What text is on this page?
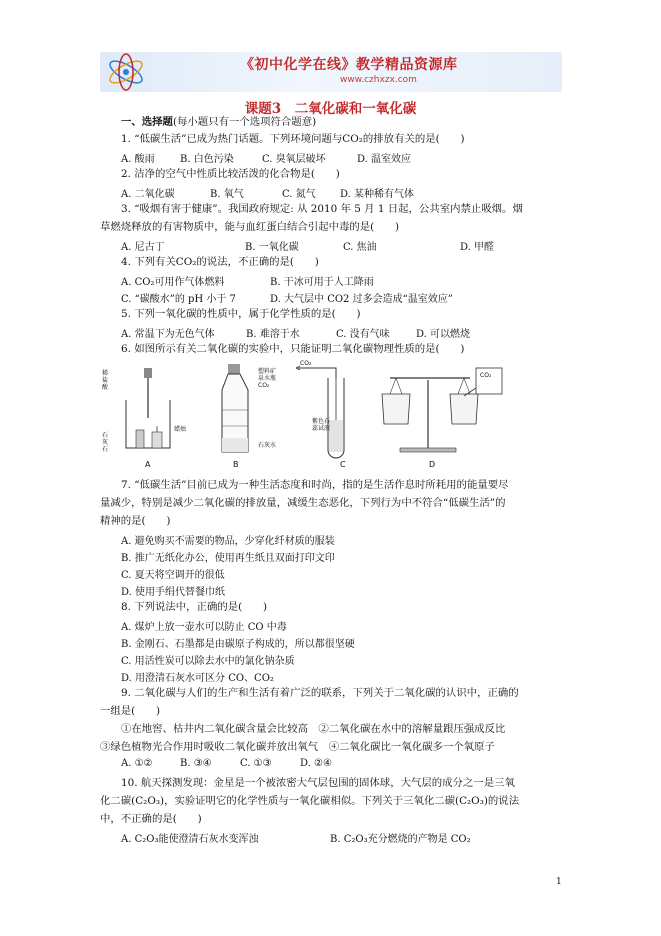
《初中化学在线》教学精品资源库
www.czhxzx.com
课题3　二氧化碳和一氧化碳
一、选择题(每小题只有一个选项符合题意)
1. “低碳生活”已成为热门话题。下列环境问题与CO₂的排放有关的是(　　)
A. 酸雨	B. 白色污染	C. 臭氧层破坏	D. 温室效应
2. 洁净的空气中性质比较活泼的化合物是(　　)
A. 二氧化碳	B. 氧气	C. 氮气 D. 某种稀有气体
3. “吸烟有害于健康”。我国政府规定: 从 2010 年 5 月 1 日起，公共室内禁止吸烟。烟
草燃烧释放的有害物质中，能与血红蛋白结合引起中毒的是(　　)
A. 尼古丁	B. 一氧化碳	C. 焦油	D. 甲醛
4. 下列有关CO₂的说法，不正确的是(　　)
A. CO₂可用作气体燃料	B. 干冰可用于人工降雨
C. “碳酸水”的 pH 小于 7	D. 大气层中 CO2 过多会造成“温室效应”
5. 下列一氧化碳的性质中，属于化学性质的是(　　)
A. 常温下为无色气体	B. 难溶于水	C. 没有气味	D. 可以燃烧
6. 如图所示有关二氧化碳的实验中，只能证明二氧化碳物理性质的是(　　)
稀
盐
酸
石
灰
石
蜡烛
A
塑料矿
泉水瓶
CO₂
石灰水
B
CO₂
紫色石
蕊试液
C
CO₂
D
7. “低碳生活”目前已成为一种生活态度和时尚，指的是生活作息时所耗用的能量要尽
量减少，特别是减少二氧化碳的排放量，减缓生态恶化，下列行为中不符合“低碳生活”的
精神的是(　　)
A. 避免购买不需要的物品，少穿化纤材质的服装
B. 推广无纸化办公，使用再生纸且双面打印文印
C. 夏天将空调开的很低
D. 使用手绢代替餐巾纸
8. 下列说法中，正确的是(　　)
A. 煤炉上放一壶水可以防止 CO 中毒
B. 金刚石、石墨都是由碳原子构成的，所以都很坚硬
C. 用活性炭可以除去水中的氯化钠杂质
D. 用澄清石灰水可区分 CO、CO₂
9. 二氧化碳与人们的生产和生活有着广泛的联系，下列关于二氧化碳的认识中，正确的
一组是(　　)
①在地窖、枯井内二氧化碳含量会比较高　②二氧化碳在水中的溶解量跟压强成反比
③绿色植物光合作用时吸收二氧化碳并放出氧气　④二氧化碳比一氧化碳多一个氧原子
A. ①②	B. ③④	C. ①③	D. ②④
10. 航天探测发现：金星是一个被浓密大气层包围的固体球，大气层的成分之一是三氧
化二碳(C₂O₃)，实验证明它的化学性质与一氧化碳相似。下列关于三氧化二碳(C₂O₃)的说法
中，不正确的是(　　)
A. C₂O₃能使澄清石灰水变浑浊	B. C₂O₃充分燃烧的产物是 CO₂
1
